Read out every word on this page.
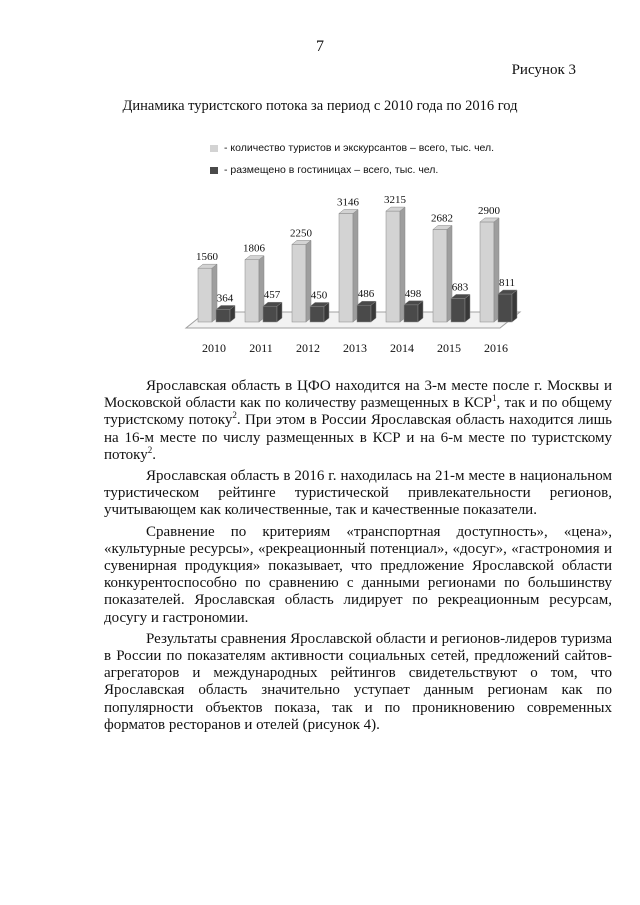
7
Рисунок 3
Динамика туристского потока за период с 2010 года по 2016 год
- количество туристов и экскурсантов – всего, тыс. чел.
- размещено в гостиницах – всего, тыс. чел.
1560
364
2010
1806
457
2011
2250
450
2012
3146
486
2013
3215
498
2014
2682
683
2015
2900
811
2016

Ярославская область в ЦФО находится на 3-м месте после г. Москвы и Московской области как по количеству размещенных в КСР$^1$, так и по общему туристскому потоку$^2$. При этом в России Ярославская область находится лишь на 16-м месте по числу размещенных в КСР и на 6-м месте по туристскому потоку$^2$.

Ярославская область в 2016 г. находилась на 21-м месте в национальном туристическом рейтинге туристической привлекательности регионов, учитывающем как количественные, так и качественные показатели.

Сравнение по критериям «транспортная доступность», «цена», «культурные ресурсы», «рекреационный потенциал», «досуг», «гастрономия и сувенирная продукция» показывает, что предложение Ярославской области конкурентоспособно по сравнению с данными регионами по большинству показателей. Ярославская область лидирует по рекреационным ресурсам, досугу и гастрономии.

Результаты сравнения Ярославской области и регионов-лидеров туризма в России по показателям активности социальных сетей, предложений сайтов-агрегаторов и международных рейтингов свидетельствуют о том, что Ярославская область значительно уступает данным регионам как по популярности объектов показа, так и по проникновению современных форматов ресторанов и отелей (рисунок 4).
